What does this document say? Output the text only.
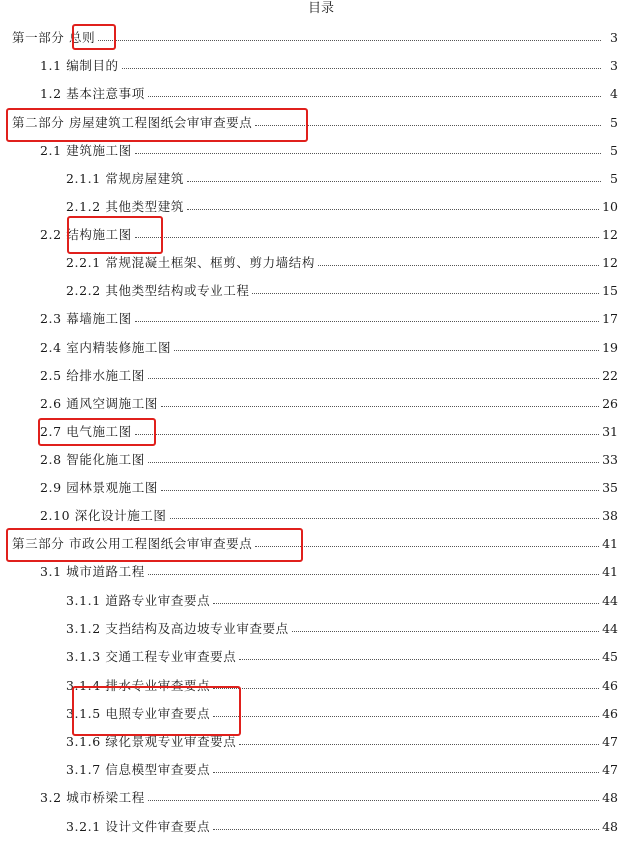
目录
第一部分 总则	3
1.1 编制目的	3
1.2 基本注意事项	4
第二部分 房屋建筑工程图纸会审审查要点	5
2.1 建筑施工图	5
2.1.1 常规房屋建筑	5
2.1.2 其他类型建筑	10
2.2 结构施工图	12
2.2.1 常规混凝土框架、框剪、剪力墙结构	12
2.2.2 其他类型结构或专业工程	15
2.3 幕墙施工图	17
2.4 室内精装修施工图	19
2.5 给排水施工图	22
2.6 通风空调施工图	26
2.7 电气施工图	31
2.8 智能化施工图	33
2.9 园林景观施工图	35
2.10 深化设计施工图	38
第三部分 市政公用工程图纸会审审查要点	41
3.1 城市道路工程	41
3.1.1 道路专业审查要点	44
3.1.2 支挡结构及高边坡专业审查要点	44
3.1.3 交通工程专业审查要点	45
3.1.4 排水专业审查要点	46
3.1.5 电照专业审查要点	46
3.1.6 绿化景观专业审查要点	47
3.1.7 信息模型审查要点	47
3.2 城市桥梁工程	48
3.2.1 设计文件审查要点	48
